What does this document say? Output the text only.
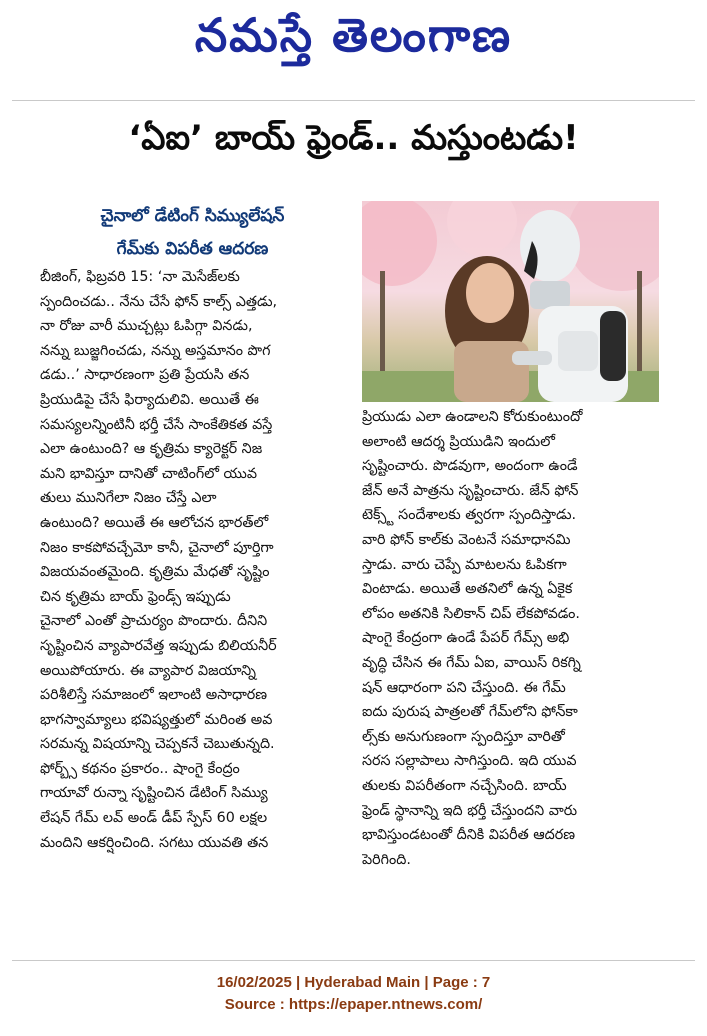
నమస్తే తెలంగాణ
‘ఏఐ’ బాయ్ ఫ్రెండ్.. మస్తుంటడు!
చైనాలో డేటింగ్ సిమ్యులేషన్
గేమ్‌కు విపరీత ఆదరణ

బీజింగ్, ఫిబ్రవరి 15: ‘నా మెసేజ్‌లకు

స్పందించడు.. నేను చేసే ఫోన్ కాల్స్ ఎత్తడు,

నా రోజు వారీ ముచ్చట్లు ఓపిగ్గా వినడు,

నన్ను బుజ్జగించడు, నన్ను అస్తమానం పొగ

డడు..’ సాధారణంగా ప్రతి ప్రేయసి తన

ప్రియుడిపై చేసే ఫిర్యాదులివి. అయితే ఈ

సమస్యలన్నింటినీ భర్తీ చేసే సాంకేతికత వస్తే

ఎలా ఉంటుంది? ఆ కృత్రిమ క్యారెక్టర్ నిజ

మని భావిస్తూ దానితో చాటింగ్‌లో యువ

తులు మునిగేలా నిజం చేస్తే ఎలా

ఉంటుంది? అయితే ఈ ఆలోచన భారత్‌లో

నిజం కాకపోవచ్చేమో కానీ, చైనాలో పూర్తిగా

విజయవంతమైంది. కృత్రిమ మేధతో సృష్టిం

చిన కృత్రిమ బాయ్ ఫ్రెండ్స్ ఇప్పుడు

చైనాలో ఎంతో ప్రాచుర్యం పొందారు. దీనిని

సృష్టించిన వ్యాపారవేత్త ఇప్పుడు బిలియనీర్

అయిపోయారు. ఈ వ్యాపార విజయాన్ని

పరిశీలిస్తే సమాజంలో ఇలాంటి అసాధారణ

భాగస్వామ్యాలు భవిష్యత్తులో మరింత అవ

సరమన్న విషయాన్ని చెప్పకనే చెబుతున్నది.

ఫోర్బ్స్ కథనం ప్రకారం.. షాంగై కేంద్రం

గాయావో రున్నా సృష్టించిన డేటింగ్ సిమ్యు

లేషన్ గేమ్ లవ్ అండ్ డీప్ స్పేస్ 60 లక్షల

మందిని ఆకర్షించింది. సగటు యువతి తన

ప్రియుడు ఎలా ఉండాలని కోరుకుంటుందో

అలాంటి ఆదర్శ ప్రియుడిని ఇందులో

సృష్టించారు. పొడవుగా, అందంగా ఉండే

జేన్ అనే పాత్రను సృష్టించారు. జేన్ ఫోన్

టెక్స్ట్ సందేశాలకు త్వరగా స్పందిస్తాడు.

వారి ఫోన్ కాల్‌కు వెంటనే సమాధానమి

స్తాడు. వారు చెప్పే మాటలను ఓపికగా

వింటాడు. అయితే అతనిలో ఉన్న ఏకైక

లోపం అతనికి సిలికాన్ చిప్ లేకపోవడం.

షాంగై కేంద్రంగా ఉండే పేపర్ గేమ్స్ అభి

వృద్ధి చేసిన ఈ గేమ్ ఏఐ, వాయిస్ రికగ్ని

షన్ ఆధారంగా పని చేస్తుంది. ఈ గేమ్

ఐదు పురుష పాత్రలతో గేమ్‌లోని ఫోన్‌కా

ల్స్‌కు అనుగుణంగా స్పందిస్తూ వారితో

సరస సల్లాపాలు సాగిస్తుంది. ఇది యువ

తులకు విపరీతంగా నచ్చేసింది. బాయ్

ఫ్రెండ్ స్థానాన్ని ఇది భర్తీ చేస్తుందని వారు

భావిస్తుండటంతో దీనికి విపరీత ఆదరణ

పెరిగింది.

16/02/2025 | Hyderabad Main | Page : 7
Source : https://epaper.ntnews.com/
